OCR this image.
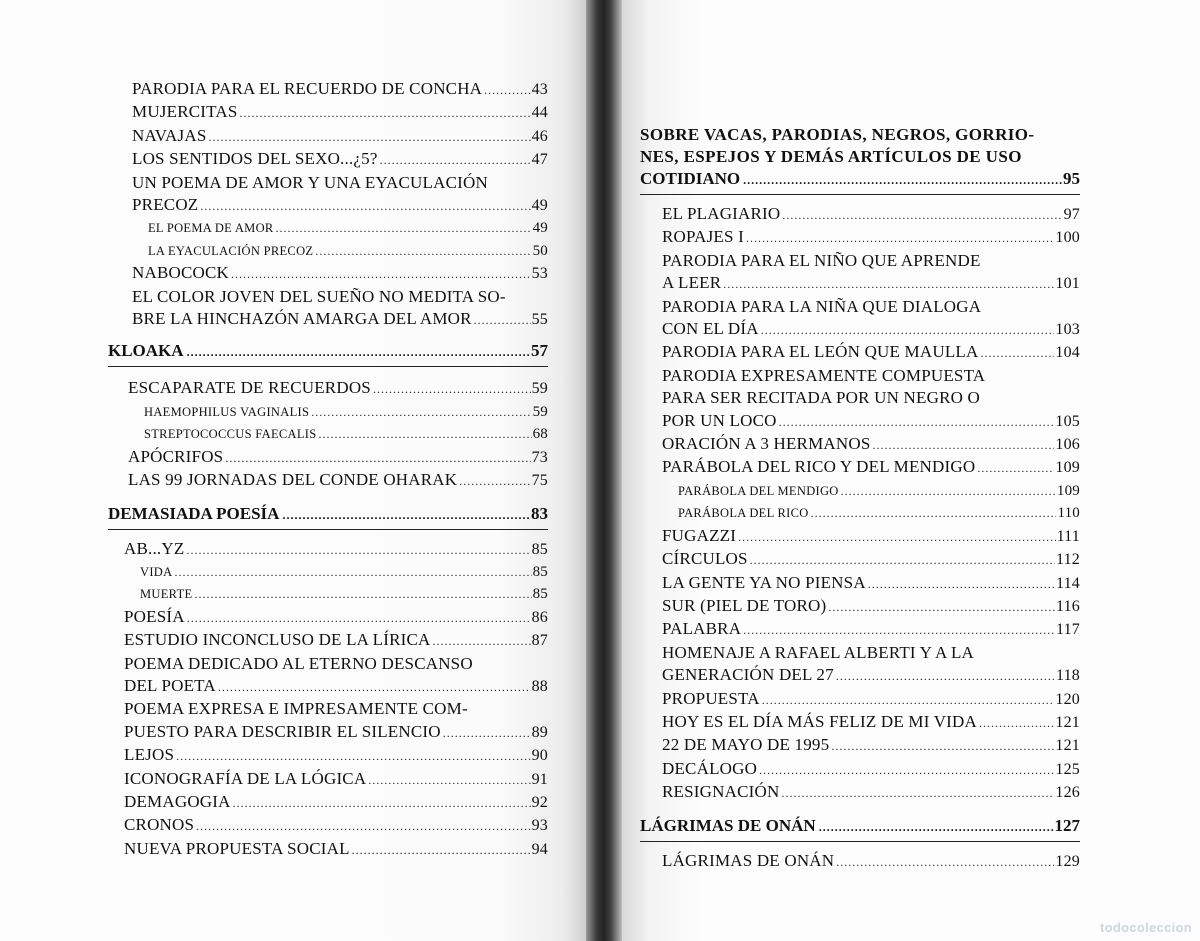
PARODIA PARA EL RECUERDO DE CONCHA .....	43
MUJERCITAS .....	44
NAVAJAS .....	46
LOS SENTIDOS DEL SEXO...¿5? .....	47
UN POEMA DE AMOR Y UNA EYACULACIÓN
PRECOZ .....	49
EL POEMA DE AMOR .....	49
LA EYACULACIÓN PRECOZ .....	50
NABOCOCK .....	53
EL COLOR JOVEN DEL SUEÑO NO MEDITA SO-
BRE LA HINCHAZÓN AMARGA DEL AMOR .....	55
KLOAKA .....	57
ESCAPARATE DE RECUERDOS .....	59
HAEMOPHILUS VAGINALIS .....	59
STREPTOCOCCUS FAECALIS .....	68
APÓCRIFOS .....	73
LAS 99 JORNADAS DEL CONDE OHARAK .....	75
DEMASIADA POESÍA .....	83
AB...YZ .....	85
VIDA .....	85
MUERTE .....	85
POESÍA .....	86
ESTUDIO INCONCLUSO DE LA LÍRICA .....	87
POEMA DEDICADO AL ETERNO DESCANSO
DEL POETA .....	88
POEMA EXPRESA E IMPRESAMENTE COM-
PUESTO PARA DESCRIBIR EL SILENCIO .....	89
LEJOS .....	90
ICONOGRAFÍA DE LA LÓGICA .....	91
DEMAGOGIA .....	92
CRONOS .....	93
NUEVA PROPUESTA SOCIAL .....	94
SOBRE VACAS, PARODIAS, NEGROS, GORRIO-
NES, ESPEJOS Y DEMÁS ARTÍCULOS DE USO
COTIDIANO .....	95
EL PLAGIARIO .....	97
ROPAJES I .....	100
PARODIA PARA EL NIÑO QUE APRENDE
A LEER .....	101
PARODIA PARA LA NIÑA QUE DIALOGA
CON EL DÍA .....	103
PARODIA PARA EL LEÓN QUE MAULLA .....	104
PARODIA EXPRESAMENTE COMPUESTA
PARA SER RECITADA POR UN NEGRO O
POR UN LOCO .....	105
ORACIÓN A 3 HERMANOS .....	106
PARÁBOLA DEL RICO Y DEL MENDIGO .....	109
PARÁBOLA DEL MENDIGO .....	109
PARÁBOLA DEL RICO .....	110
FUGAZZI .....	111
CÍRCULOS .....	112
LA GENTE YA NO PIENSA .....	114
SUR (PIEL DE TORO) .....	116
PALABRA .....	117
HOMENAJE A RAFAEL ALBERTI Y A LA
GENERACIÓN DEL 27 .....	118
PROPUESTA .....	120
HOY ES EL DÍA MÁS FELIZ DE MI VIDA .....	121
22 DE MAYO DE 1995 .....	121
DECÁLOGO .....	125
RESIGNACIÓN .....	126
LÁGRIMAS DE ONÁN .....	127
LÁGRIMAS DE ONÁN .....	129
todocoleccion
